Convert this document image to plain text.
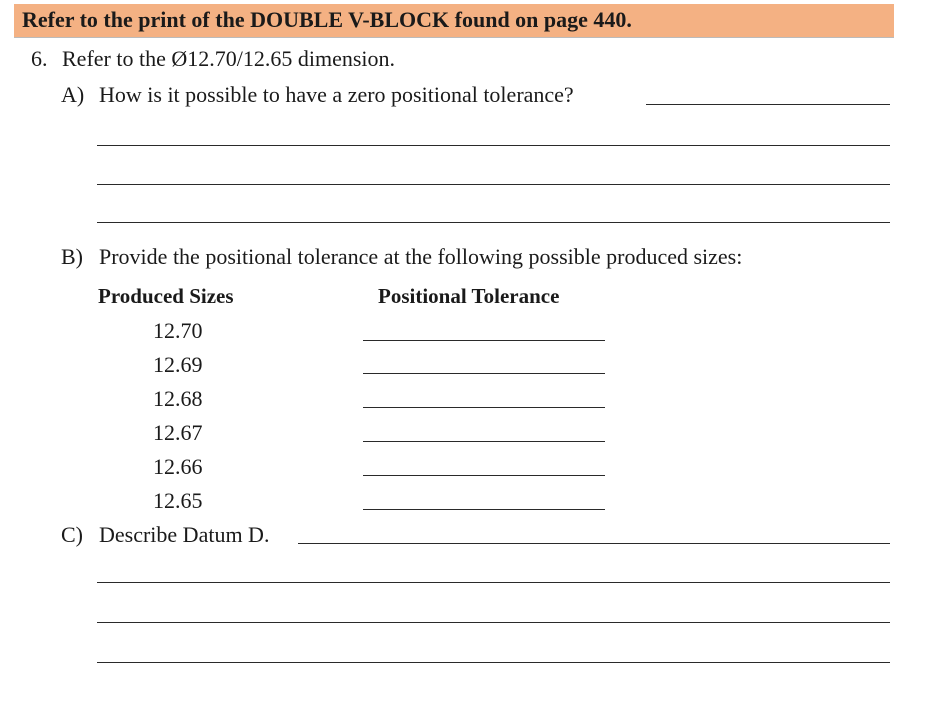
Refer to the print of the DOUBLE V-BLOCK found on page 440.
6. Refer to the Ø12.70/12.65 dimension.
A) How is it possible to have a zero positional tolerance?
B) Provide the positional tolerance at the following possible produced sizes:
Produced Sizes	Positional Tolerance
12.70
12.69
12.68
12.67
12.66
12.65
C) Describe Datum D.
